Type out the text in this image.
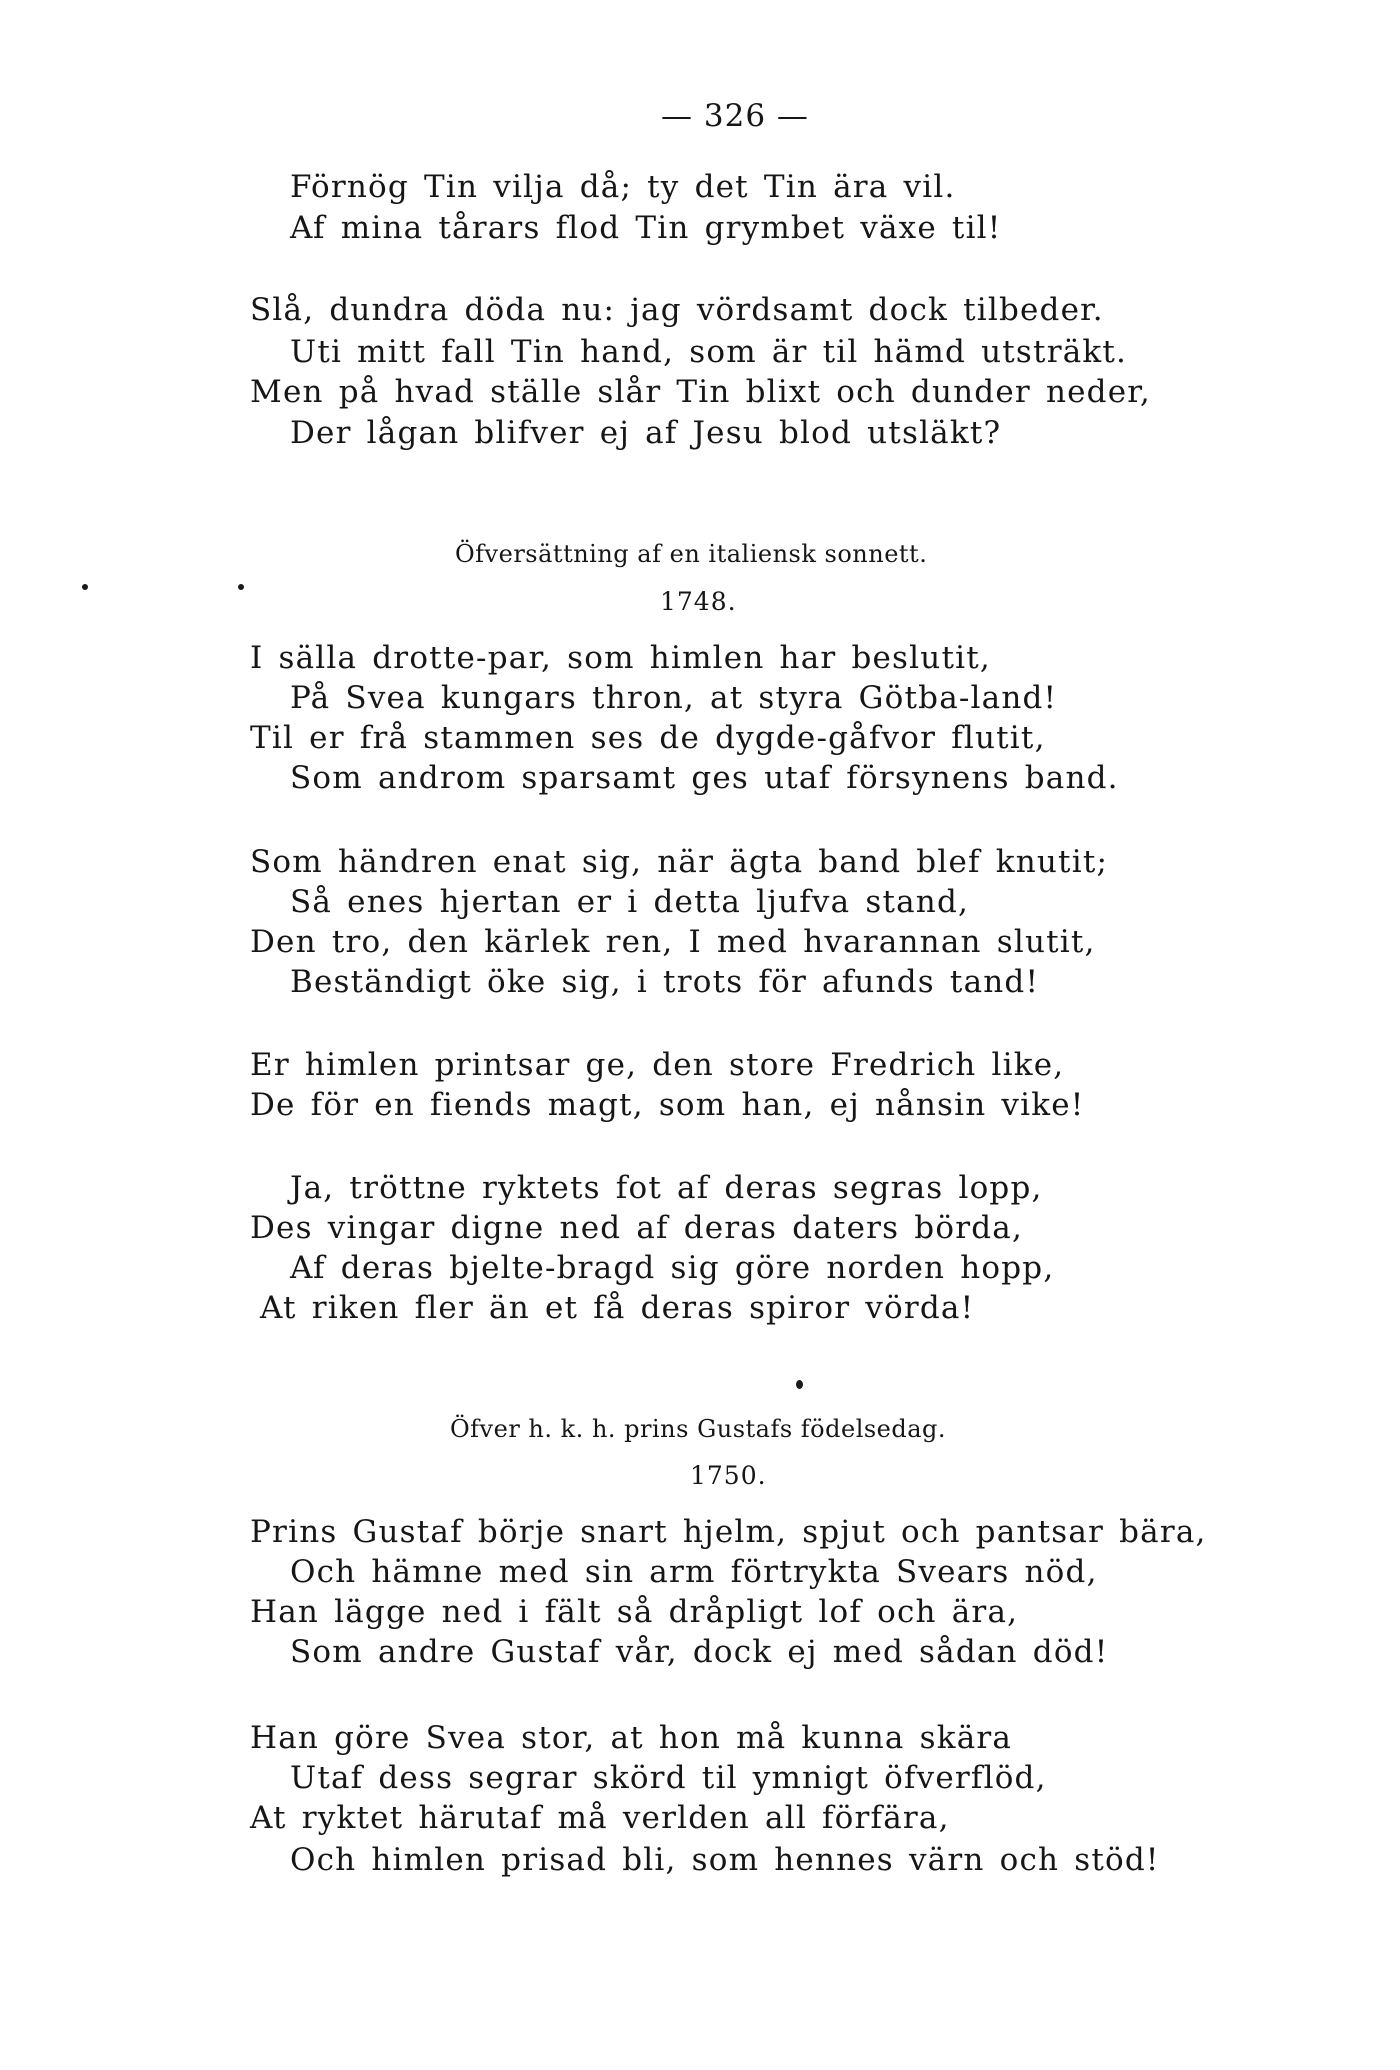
— 326 —
Förnög Tin vilja då; ty det Tin ära vil.
Af mina tårars flod Tin grymbet växe til!
Slå, dundra döda nu: jag vördsamt dock tilbeder.
Uti mitt fall Tin hand, som är til hämd utsträkt.
Men på hvad ställe slår Tin blixt och dunder neder,
Der lågan blifver ej af Jesu blod utsläkt?
Öfversättning af en italiensk sonnett.
1748.
I sälla drotte-par, som himlen har beslutit,
På Svea kungars thron, at styra Götba-land!
Til er frå stammen ses de dygde-gåfvor flutit,
Som androm sparsamt ges utaf försynens band.
Som händren enat sig, när ägta band blef knutit;
Så enes hjertan er i detta ljufva stand,
Den tro, den kärlek ren, I med hvarannan slutit,
Beständigt öke sig, i trots för afunds tand!
Er himlen printsar ge, den store Fredrich like,
De för en fiends magt, som han, ej nånsin vike!
Ja, tröttne ryktets fot af deras segras lopp,
Des vingar digne ned af deras daters börda,
Af deras bjelte-bragd sig göre norden hopp,
At riken fler än et få deras spiror vörda!
Öfver h. k. h. prins Gustafs födelsedag.
1750.
Prins Gustaf börje snart hjelm, spjut och pantsar bära,
Och hämne med sin arm förtrykta Svears nöd,
Han lägge ned i fält så dråpligt lof och ära,
Som andre Gustaf vår, dock ej med sådan död!
Han göre Svea stor, at hon må kunna skära
Utaf dess segrar skörd til ymnigt öfverflöd,
At ryktet härutaf må verlden all förfära,
Och himlen prisad bli, som hennes värn och stöd!
